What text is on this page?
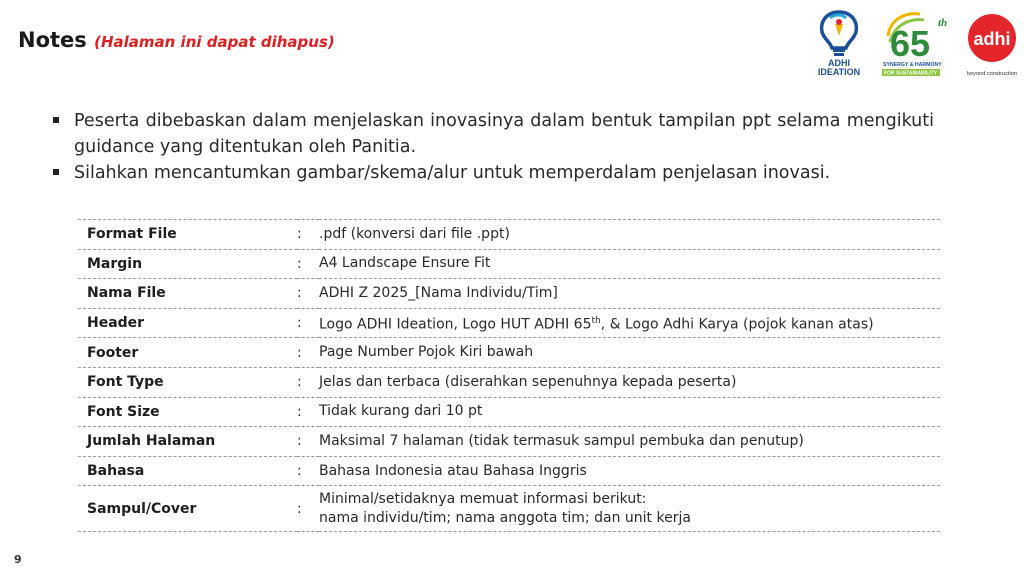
Notes (Halaman ini dapat dihapus)
ADHI
IDEATION
65 th
SYNERGY & HARMONY
FOR SUSTAINABILITY
adhi
beyond construction
Peserta dibebaskan dalam menjelaskan inovasinya dalam bentuk tampilan ppt selama mengikuti guidance yang ditentukan oleh Panitia.
Silahkan mencantumkan gambar/skema/alur untuk memperdalam penjelasan inovasi.
Format File	:	.pdf (konversi dari file .ppt)
Margin	:	A4 Landscape Ensure Fit
Nama File	:	ADHI Z 2025_[Nama Individu/Tim]
Header	:	Logo ADHI Ideation, Logo HUT ADHI 65th, & Logo Adhi Karya (pojok kanan atas)
Footer	:	Page Number Pojok Kiri bawah
Font Type	:	Jelas dan terbaca (diserahkan sepenuhnya kepada peserta)
Font Size	:	Tidak kurang dari 10 pt
Jumlah Halaman	:	Maksimal 7 halaman (tidak termasuk sampul pembuka dan penutup)
Bahasa	:	Bahasa Indonesia atau Bahasa Inggris
Sampul/Cover	:	Minimal/setidaknya memuat informasi berikut:
nama individu/tim; nama anggota tim; dan unit kerja
9
